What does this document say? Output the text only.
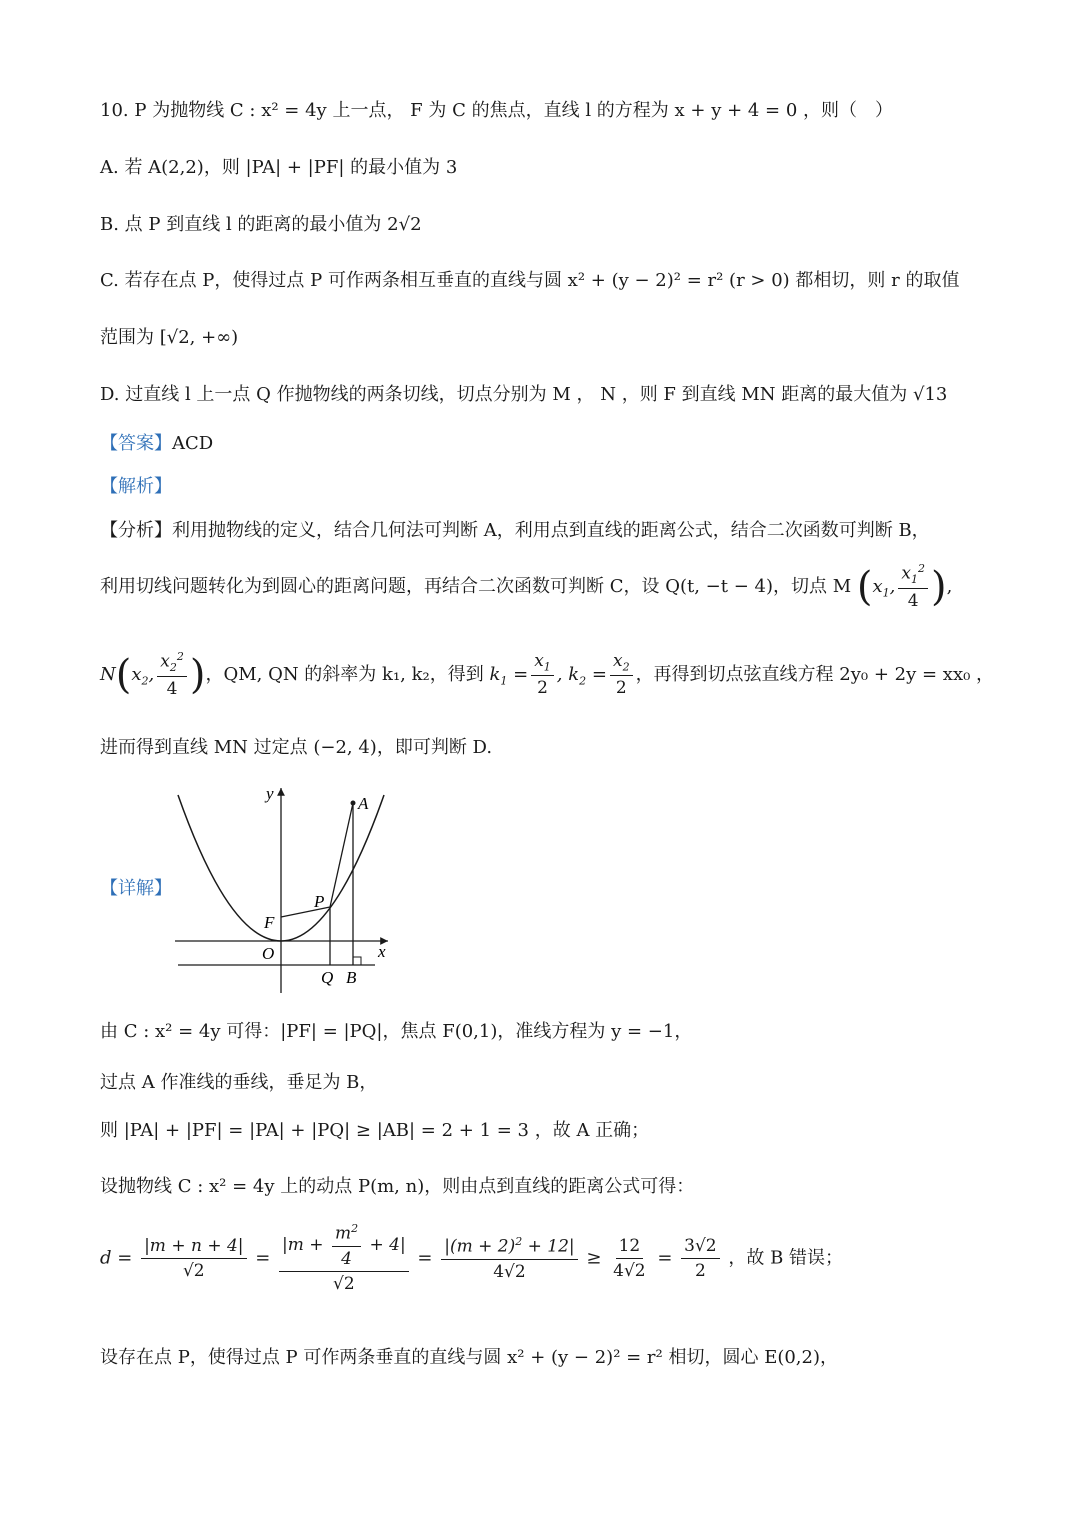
10. P 为抛物线 C : x² = 4y 上一点， F 为 C 的焦点，直线 l 的方程为 x + y + 4 = 0 ，则（　）
A. 若 A(2,2)，则 |PA| + |PF| 的最小值为 3
B. 点 P 到直线 l 的距离的最小值为 2√2
C. 若存在点 P，使得过点 P 可作两条相互垂直的直线与圆 x² + (y − 2)² = r² (r > 0) 都相切，则 r 的取值
范围为 [√2, +∞)
D. 过直线 l 上一点 Q 作抛物线的两条切线，切点分别为 M ， N ，则 F 到直线 MN 距离的最大值为 √13
【答案】ACD
【解析】
【分析】利用抛物线的定义，结合几何法可判断 A，利用点到直线的距离公式，结合二次函数可判断 B，
利用切线问题转化为到圆心的距离问题，再结合二次函数可判断 C，设 Q(t, −t − 4)，切点 M ($x_1$, $\frac{x_1^2}{4}$ ),
$N(x_2$, $\frac{x_2^2}{4}$ )，QM, QN 的斜率为 k₁, k₂，得到 $k_1 = \frac{x_1}{2}$ , $k_2 = \frac{x_2}{2}$ ，再得到切点弦直线方程 2y₀ + 2y = xx₀ ，
进而得到直线 MN 过定点 (−2, 4)，即可判断 D.
【详解】
y
A
P
F
O	x
Q B
由 C : x² = 4y 可得：|PF| = |PQ|，焦点 F(0,1)，准线方程为 y = −1，
过点 A 作准线的垂线，垂足为 B，
则 |PA| + |PF| = |PA| + |PQ| ≥ |AB| = 2 + 1 = 3 ，故 A 正确；
设抛物线 C : x² = 4y 上的动点 P(m, n)，则由点到直线的距离公式可得：
$d = \frac{|m + n + 4|}{√2} = \frac{|m + \frac{m^2}{4} + 4|}{√2} = \frac{|(m + 2)^2 + 12|}{4√2} \ge \frac{12}{4√2} = \frac{3√2}{2}$ ，故 B 错误；
设存在点 P，使得过点 P 可作两条垂直的直线与圆 x² + (y − 2)² = r² 相切，圆心 E(0,2)，
